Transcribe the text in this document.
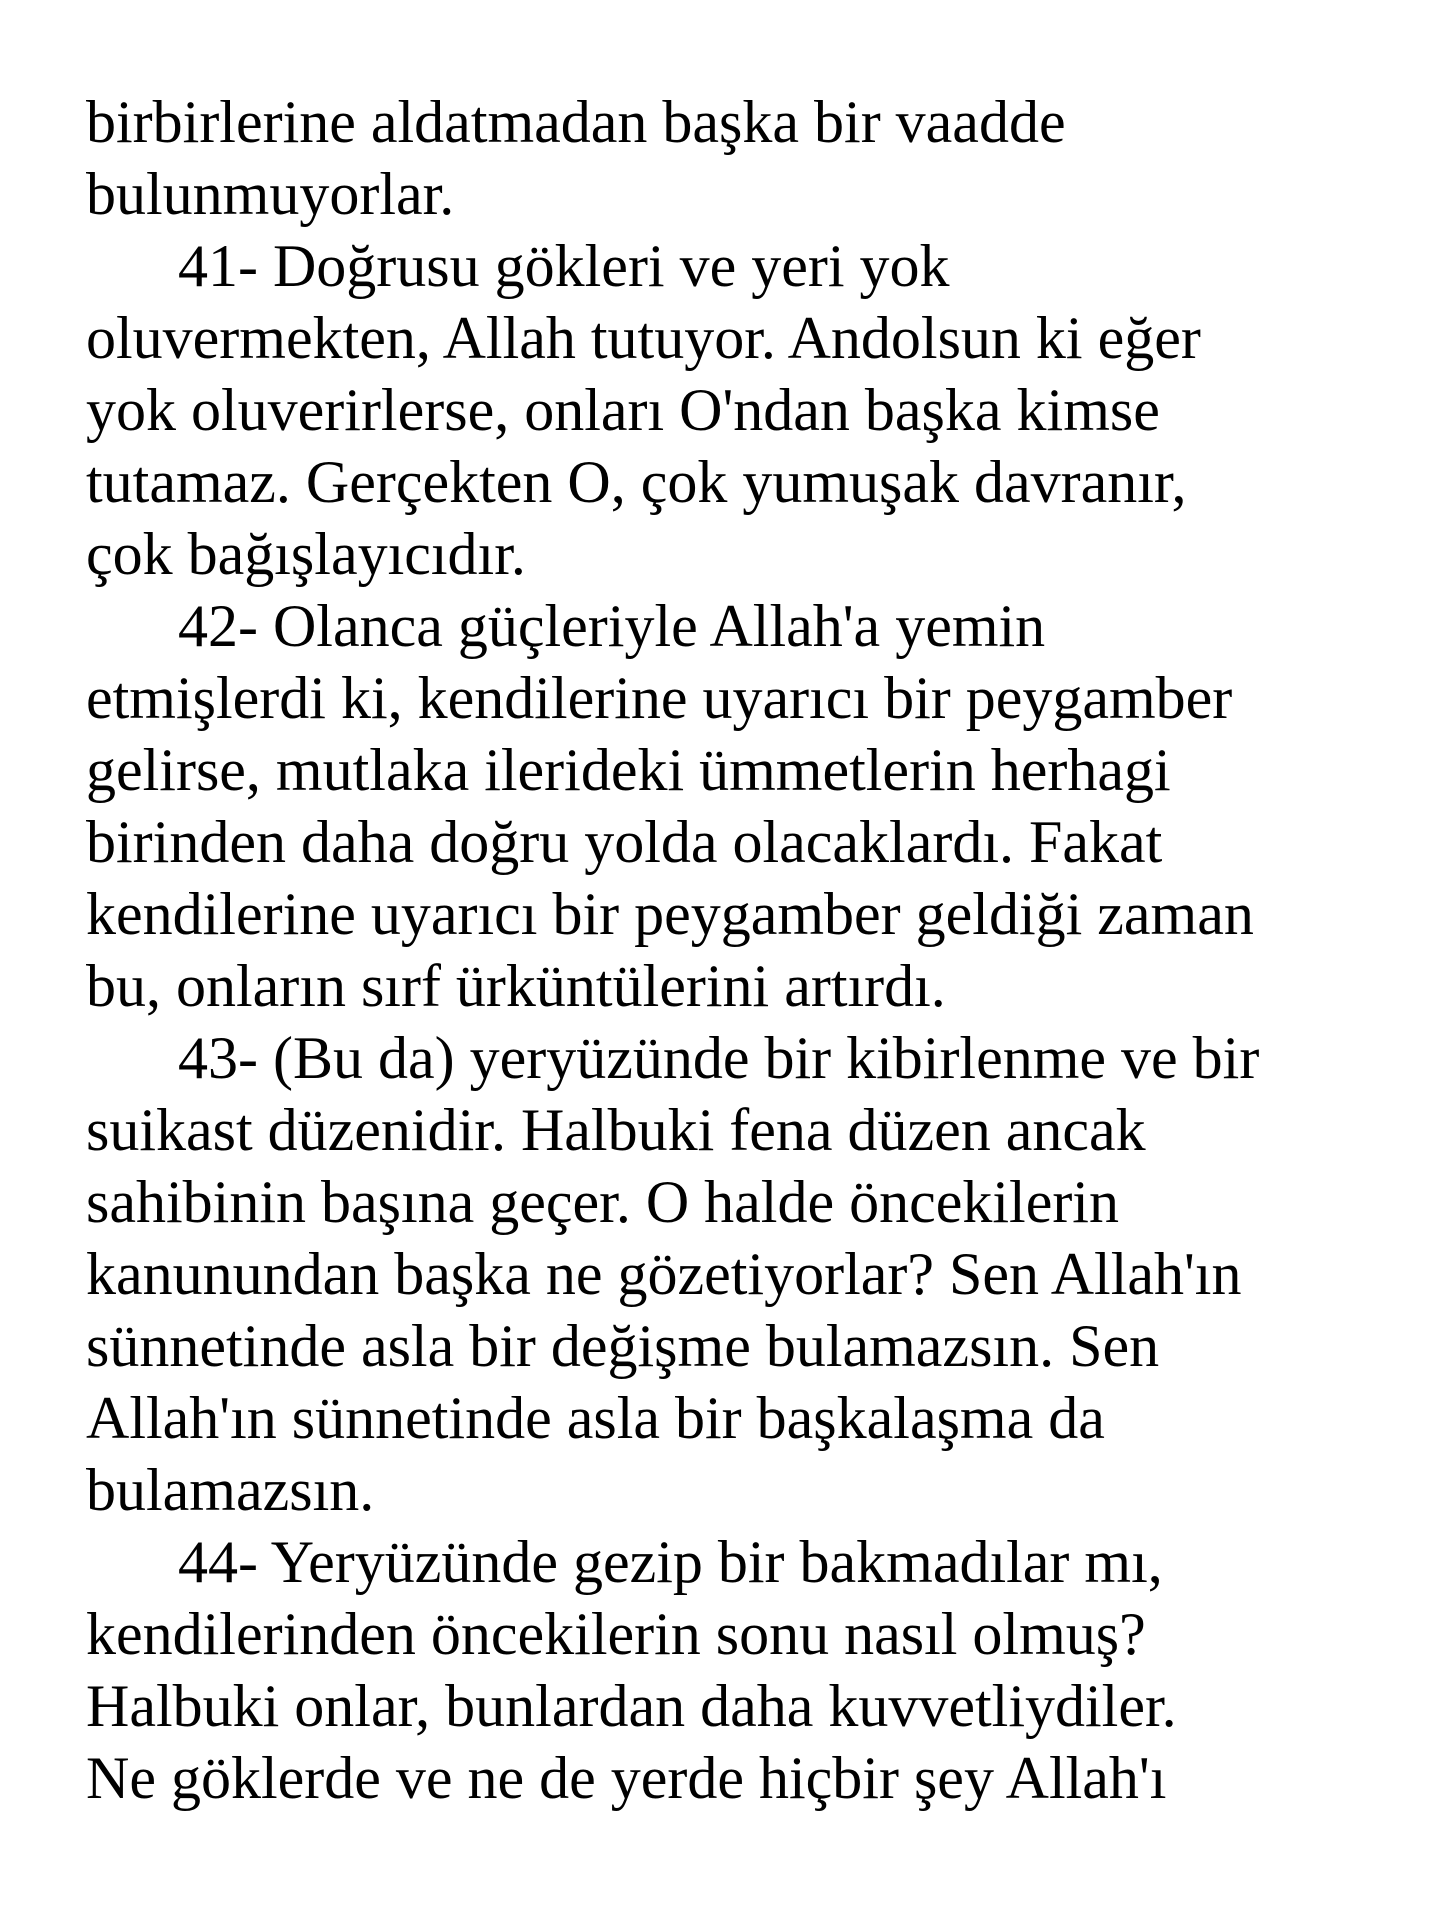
birbirlerine aldatmadan başka bir vaadde
bulunmuyorlar.
41- Doğrusu gökleri ve yeri yok
oluvermekten, Allah tutuyor. Andolsun ki eğer
yok oluverirlerse, onları O'ndan başka kimse
tutamaz. Gerçekten O, çok yumuşak davranır,
çok bağışlayıcıdır.
42- Olanca güçleriyle Allah'a yemin
etmişlerdi ki, kendilerine uyarıcı bir peygamber
gelirse, mutlaka ilerideki ümmetlerin herhagi
birinden daha doğru yolda olacaklardı. Fakat
kendilerine uyarıcı bir peygamber geldiği zaman
bu, onların sırf ürküntülerini artırdı.
43- (Bu da) yeryüzünde bir kibirlenme ve bir
suikast düzenidir. Halbuki fena düzen ancak
sahibinin başına geçer. O halde öncekilerin
kanunundan başka ne gözetiyorlar? Sen Allah'ın
sünnetinde asla bir değişme bulamazsın. Sen
Allah'ın sünnetinde asla bir başkalaşma da
bulamazsın.
44- Yeryüzünde gezip bir bakmadılar mı,
kendilerinden öncekilerin sonu nasıl olmuş?
Halbuki onlar, bunlardan daha kuvvetliydiler.
Ne göklerde ve ne de yerde hiçbir şey Allah'ı
